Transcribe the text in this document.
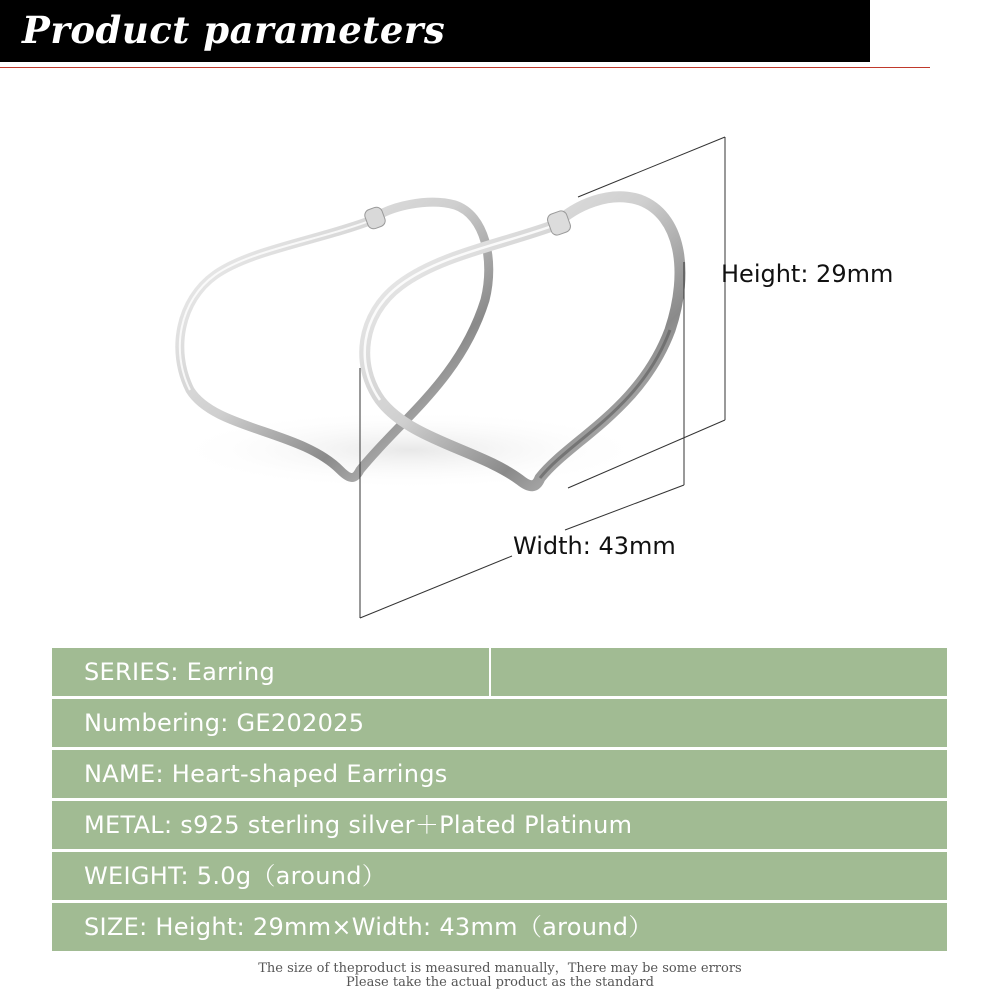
Product parameters
Height: 29mm
Width: 43mm
SERIES: Earring
Numbering: GE202025
NAME: Heart-shaped Earrings
METAL: s925 sterling silver＋Plated Platinum
WEIGHT: 5.0g（around）
SIZE: Height: 29mm×Width: 43mm（around）
The size of theproduct is measured manually，There may be some errors
Please take the actual product as the standard
